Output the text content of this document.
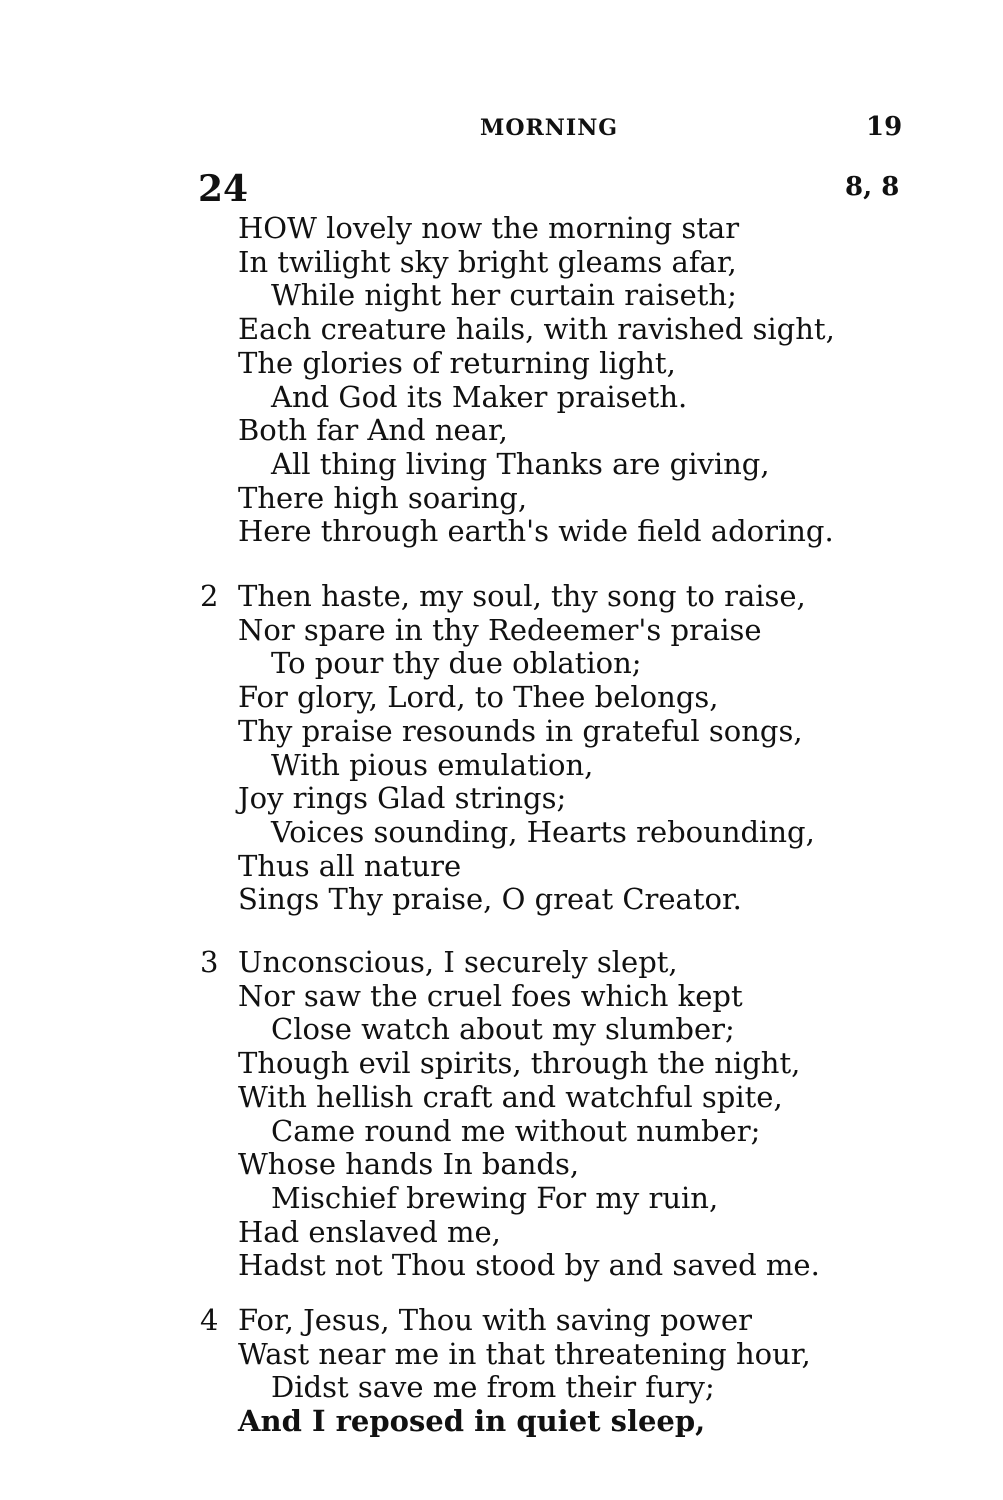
MORNING	19
24	8, 8
HOW lovely now the morning star
In twilight sky bright gleams afar,
While night her curtain raiseth;
Each creature hails, with ravished sight,
The glories of returning light,
And God its Maker praiseth.
Both far And near,
All thing living Thanks are giving,
There high soaring,
Here through earth's wide field adoring.
2 Then haste, my soul, thy song to raise,
Nor spare in thy Redeemer's praise
To pour thy due oblation;
For glory, Lord, to Thee belongs,
Thy praise resounds in grateful songs,
With pious emulation,
Joy rings Glad strings;
Voices sounding, Hearts rebounding,
Thus all nature
Sings Thy praise, O great Creator.
3 Unconscious, I securely slept,
Nor saw the cruel foes which kept
Close watch about my slumber;
Though evil spirits, through the night,
With hellish craft and watchful spite,
Came round me without number;
Whose hands In bands,
Mischief brewing For my ruin,
Had enslaved me,
Hadst not Thou stood by and saved me.
4 For, Jesus, Thou with saving power
Wast near me in that threatening hour,
Didst save me from their fury;
And I reposed in quiet sleep,
